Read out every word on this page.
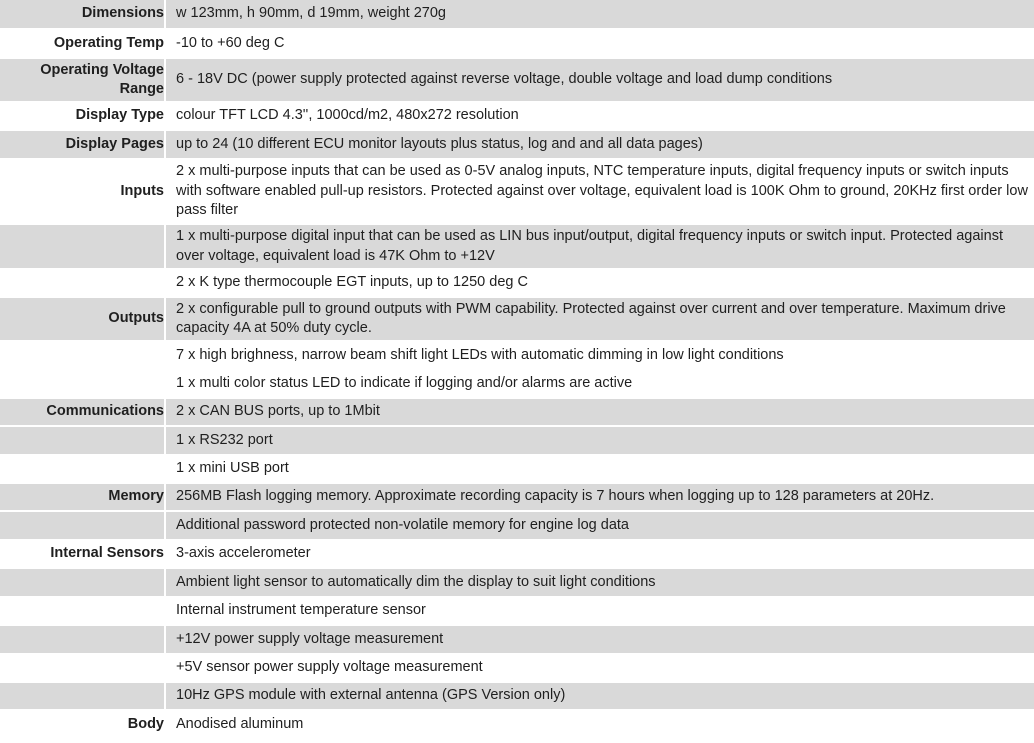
Dimensions	w 123mm, h 90mm, d 19mm, weight 270g
Operating Temp	-10 to +60 deg C
Operating Voltage Range	6 - 18V DC (power supply protected against reverse voltage, double voltage and load dump conditions
Display Type	colour TFT LCD 4.3'', 1000cd/m2, 480x272 resolution
Display Pages	up to 24 (10 different ECU monitor layouts plus status, log and and all data pages)
Inputs	2 x multi-purpose inputs that can be used as 0-5V analog inputs, NTC temperature inputs, digital frequency inputs or switch inputs with software enabled pull-up resistors. Protected against over voltage, equivalent load is 100K Ohm to ground, 20KHz first order low pass filter
	1 x multi-purpose digital input that can be used as LIN bus input/output, digital frequency inputs or switch input. Protected against over voltage, equivalent load is 47K Ohm to +12V
	2 x K type thermocouple EGT inputs, up to 1250 deg C
Outputs	2 x configurable pull to ground outputs with PWM capability. Protected against over current and over temperature. Maximum drive capacity 4A at 50% duty cycle.
	7 x high brighness, narrow beam shift light LEDs with automatic dimming in low light conditions
	1 x multi color status LED to indicate if logging and/or alarms are active
Communications	2 x CAN BUS ports, up to 1Mbit
	1 x RS232 port
	1 x mini USB port
Memory	256MB Flash logging memory. Approximate recording capacity is 7 hours when logging up to 128 parameters at 20Hz.
	Additional password protected non-volatile memory for engine log data
Internal Sensors	3-axis accelerometer
	Ambient light sensor to automatically dim the display to suit light conditions
	Internal instrument temperature sensor
	+12V power supply voltage measurement
	+5V sensor power supply voltage measurement
	10Hz GPS module with external antenna (GPS Version only)
Body	Anodised aluminum
